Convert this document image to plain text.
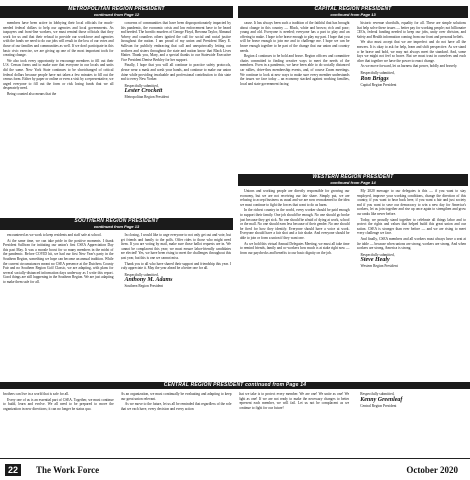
METROPOLITAN REGION PRESIDENT
continued from Page 12

members have been active in lobbying their local officials for much-needed federal dollars to help our agencies and local governments. As taxpayers and front-line workers, we must remind those officials that they work for us and that their refusal to provide our workforce and agencies with the funds we need to do our jobs will result in the loss of our votes and those of our families and communities as well. If we don't participate in this basic civic exercise, we are giving up one of the most important tools for creating change.

We also took every opportunity to encourage members to fill out their U.S. Census forms and to make sure that everyone in our locals and units did the same. New York State continues to be shortchanged of critical federal dollars because people have not taken a few minutes to fill out the census form. Either by paper or online or even a visit by a representative, we urged everyone to fill out the form or risk losing funds that we all desperately need.

Being counted also means that the

concerns of communities that have been disproportionately impacted by this pandemic, the economic crisis and law enforcement have to be heard and heeded. The horrific murders of George Floyd, Breonna Taylor, Ahmaud Arbery and countless others ignited the call for social and racial justice throughout the nation. I am proud of my union and President Mary E. Sullivan for publicly embracing that call and unequivocally letting our brothers and sisters throughout the state and nation know that Black Lives Matter. Thank you, Mary, and a special thanks to our Statewide Executive Vice President Denise Berkley for her support.

Finally, I hope that you will all continue to practice safety protocols, please wear a mask and wash your hands, and continue to make our union shine while providing invaluable and professional contribution to this state and to every New Yorker.

Respectfully submitted,
Lester Crockett
Metropolitan Region President
CAPITAL REGION PRESIDENT
continued from Page 13

cause. It has always been such a tradition of the faithful that has brought about change in this country — Black, white and brown; rich and poor; young and old. Everyone is needed; everyone has a part to play and an offering to make. I hope to be brave enough to play my part. I hope that you will be brave enough to join me and to challenge me. I hope we can be brave enough together to be part of the change that our union and country needs.

Region 4 continues to be bold and brave. Region officers and committee chairs committed to finding creative ways to meet the needs of the members. Even in a pandemic, we have been able to do socially distanced car rallies, drive-thru membership events, and, of course Zoom meetings. We continue to look at new ways to make sure every member understands the issues we face today – an economy stacked against working families, local and state government facing

historic revenue shortfalls, equality for all. These are simple solutions that help solve these issues — better pay for working people; not billionaire CEOs, federal funding needed to keep our jobs, unity over division, and Safety and Health information coming from our front and personal beliefs.

We also must accept that we are imperfect and do not have all the answers. It is okay to ask for help, learn and shift perspective. As we stand to be brave and bold, we may not always meet the standard. And, some days we might not feel so brave. But we must trust in ourselves and each other that together we have the power to enact change.

As we move forward, let us harness that power, boldly and bravely.

Respectfully submitted,
Ron Briggs
Capital Region President
SOUTHERN REGION PRESIDENT
continued from Page 13

encountered as we work to keep residents and staff safe at school.

At the same time, we can take pride in the positive moments. I thank President Sullivan for initiating our union's first CSEA Appreciation Day this past May. It was a morale boost for so many members in the midst of the pandemic. Before COVID hit, we had our first New Year's party in the Southern Region, something we hope can become an annual tradition. While the current circumstances meant no CSEA presence at the Dutchess County Fair and no Southern Region Golf Classic, we are adapting, with plans for several socially-distanced information days underway as I write this report. Good things are still happening in the Southern Region. We are just adapting to make them safe for all.

In closing, I would like to urge everyone to not only get out and vote, but get friends and family to the polls. Offer rides to those who might need them. If you are voting by mail, make sure those ballot requests are in. We cannot be complacent this year; we must ensure labor-friendly candidates are elected! Yes, we have been rising to meet the challenges throughout this past year, but this is one we cannot miss.

Thank you to all who have shared their support and friendship this year. I truly appreciate it. May the year ahead be a better one for all.

Respectfully submitted,
Anthony M. Adams
Southern Region President
WESTERN REGION PRESIDENT
continued from Page 14

Unions and working people are directly responsible for growing our economy, but we are not receiving our fair share. Simply put, we are refusing to accept business as usual and we are now reawakened to the idea we must continue to fight the forces that want to do us harm.

In the richest country in the world, every worker should be paid enough to support their family. One job should be enough. No one should go broke just because they get sick. No one should be afraid of dying at work, school or the mall. No one should earn less because of their gender. No one should be fired for how they identify. Everyone should have a voice at work. Everyone should have a fair shot and a fair shake. And everyone should be able to join or form a union if they want one.

As we hold this virtual Annual Delegates Meeting, we must all take time to remind friends, family and co-workers how much is at stake right now — from our paychecks and benefits to our basic dignity on the job.

My 2020 message to our delegates is this — if you want to stay employed, improve your working conditions, change the direction of this country, if you want to hear back here, if you want a fair and just society and if you want to save our democracy to win a new day for America's workers, let us join together and rise up once again to strengthen and grow our ranks like never before.

Today, we proudly stand together to celebrate all things labor and to protect the rights and values that helped build this great union and our nation. CSEA is stronger than ever before — and we are rising to meet every challenge we face.

And finally, CSEA members and all workers must always have a seat at the table — because when unions are strong, workers are strong. And when workers are strong, America is strong.

Respectfully submitted,
Steve Healy
Western Region President
CENTRAL REGION PRESIDENT continued from Page 14

brothers can live in a world that is safe for all.

Every one of us is an essential part of CSEA. Together, we must continue to build, learn and evolve. We all need to be prepared to move the organization in new directions; it can no longer be status quo.

As an organization, we must continually be evaluating and adapting to keep our great union relevant.

As we move to the future, let us all be reminded that regardless of the role that we each have, every decision and every action

that we take is to protect every member. We are one! We unite as one! We fight as one! If we are not ready to make the necessary changes to better represent each member, we will fail. Let us not be complacent as we continue to fight for our future!

Respectfully submitted,
Kenny Greenleaf
Central Region President
22	The Work Force	October 2020
